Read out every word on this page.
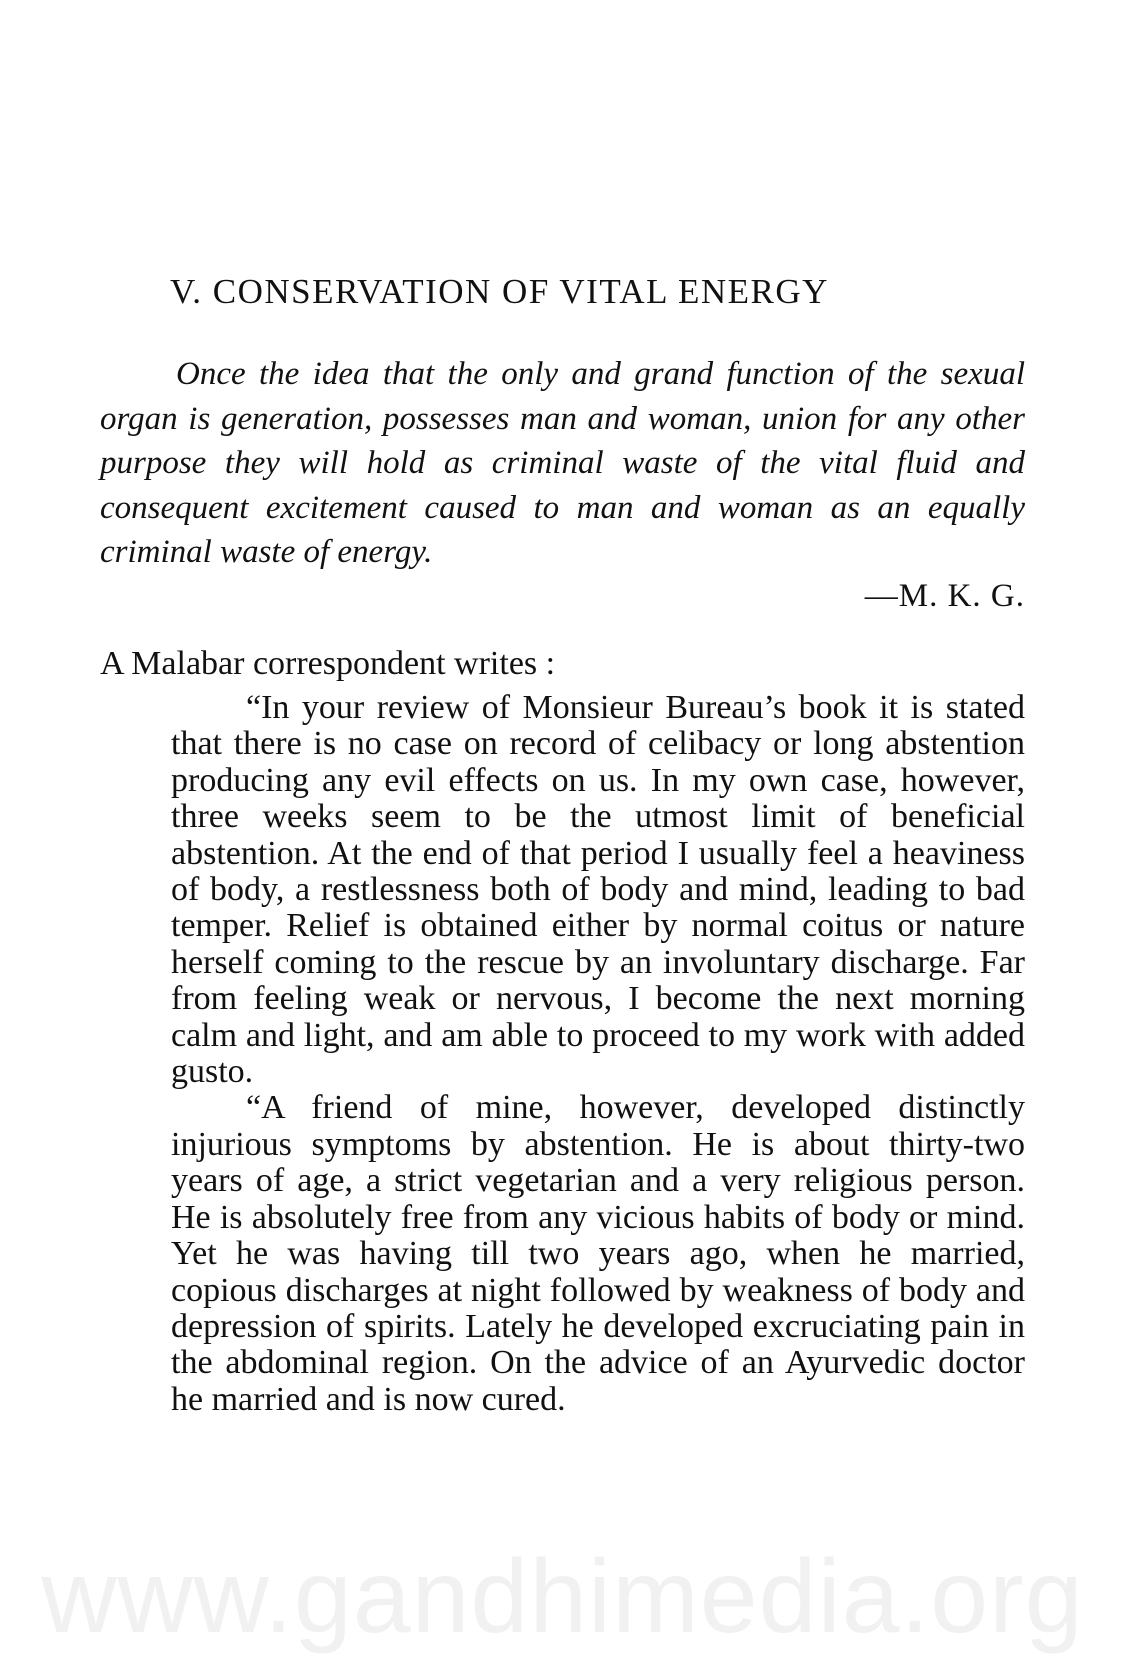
V. CONSERVATION OF VITAL ENERGY

Once the idea that the only and grand function of the sexual organ is generation, possesses man and woman, union for any other purpose they will hold as criminal waste of the vital fluid and consequent excitement caused to man and woman as an equally criminal waste of energy.

—M. K. G.

A Malabar correspondent writes :

“In your review of Monsieur Bureau’s book it is stated that there is no case on record of celibacy or long abstention producing any evil effects on us. In my own case, however, three weeks seem to be the utmost limit of beneficial abstention. At the end of that period I usually feel a heaviness of body, a restlessness both of body and mind, leading to bad temper. Relief is obtained either by normal coitus or nature herself coming to the rescue by an involuntary discharge. Far from feeling weak or nervous, I become the next morning calm and light, and am able to proceed to my work with added gusto.

“A friend of mine, however, developed distinctly injurious symptoms by abstention. He is about thirty-two years of age, a strict vegetarian and a very religious person. He is absolutely free from any vicious habits of body or mind. Yet he was having till two years ago, when he married, copious discharges at night followed by weakness of body and depression of spirits. Lately he developed excruciating pain in the abdominal region. On the advice of an Ayurvedic doctor he married and is now cured.

www.gandhimedia.org
